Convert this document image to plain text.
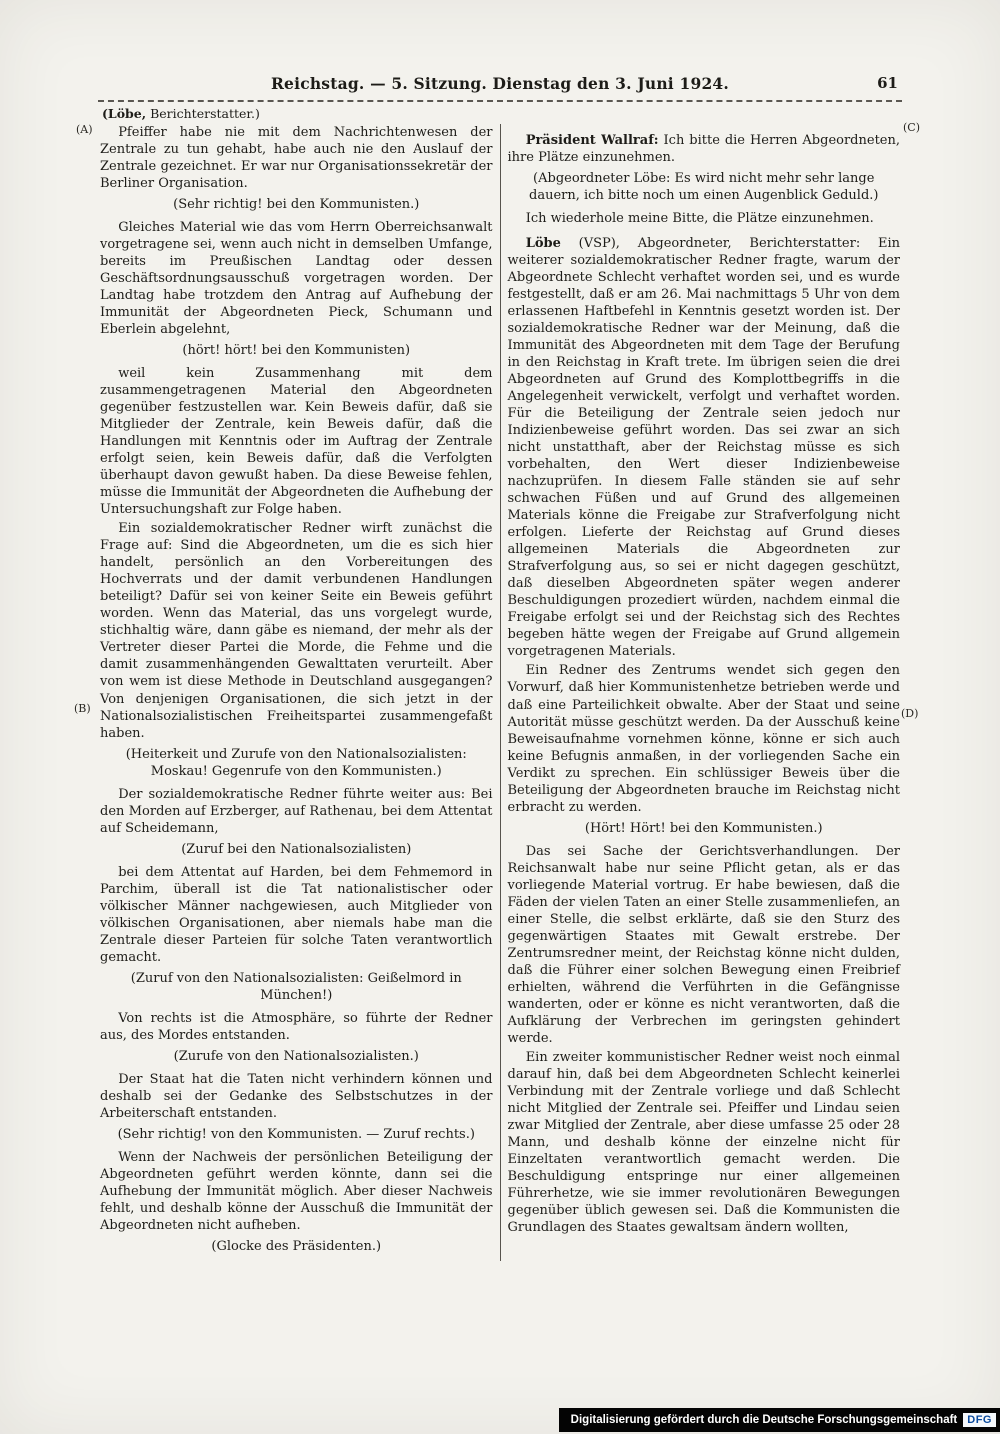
Reichstag. — 5. Sitzung. Dienstag den 3. Juni 1924.	61
(Löbe, Berichterstatter.)

Pfeiffer habe nie mit dem Nachrichtenwesen der Zentrale zu tun gehabt, habe auch nie den Auslauf der Zentrale gezeichnet. Er war nur Organisationssekretär der Berliner Organisation.

(Sehr richtig! bei den Kommunisten.)

Gleiches Material wie das vom Herrn Oberreichsanwalt vorgetragene sei, wenn auch nicht in demselben Umfange, bereits im Preußischen Landtag oder dessen Geschäftsordnungsausschuß vorgetragen worden. Der Landtag habe trotzdem den Antrag auf Aufhebung der Immunität der Abgeordneten Pieck, Schumann und Eberlein abgelehnt,

(hört! hört! bei den Kommunisten)

weil kein Zusammenhang mit dem zusammengetragenen Material den Abgeordneten gegenüber festzustellen war. Kein Beweis dafür, daß sie Mitglieder der Zentrale, kein Beweis dafür, daß die Handlungen mit Kenntnis oder im Auftrag der Zentrale erfolgt seien, kein Beweis dafür, daß die Verfolgten überhaupt davon gewußt haben. Da diese Beweise fehlen, müsse die Immunität der Abgeordneten die Aufhebung der Untersuchungshaft zur Folge haben.

Ein sozialdemokratischer Redner wirft zunächst die Frage auf: Sind die Abgeordneten, um die es sich hier handelt, persönlich an den Vorbereitungen des Hochverrats und der damit verbundenen Handlungen beteiligt? Dafür sei von keiner Seite ein Beweis geführt worden. Wenn das Material, das uns vorgelegt wurde, stichhaltig wäre, dann gäbe es niemand, der mehr als der Vertreter dieser Partei die Morde, die Fehme und die damit zusammenhängenden Gewalttaten verurteilt. Aber von wem ist diese Methode in Deutschland ausgegangen? Von denjenigen Organisationen, die sich jetzt in der Nationalsozialistischen Freiheitspartei zusammengefaßt haben.

(Heiterkeit und Zurufe von den Nationalsozialisten: Moskau! Gegenrufe von den Kommunisten.)

Der sozialdemokratische Redner führte weiter aus: Bei den Morden auf Erzberger, auf Rathenau, bei dem Attentat auf Scheidemann,

(Zuruf bei den Nationalsozialisten)

bei dem Attentat auf Harden, bei dem Fehmemord in Parchim, überall ist die Tat nationalistischer oder völkischer Männer nachgewiesen, auch Mitglieder von völkischen Organisationen, aber niemals habe man die Zentrale dieser Parteien für solche Taten verantwortlich gemacht.

(Zuruf von den Nationalsozialisten: Geißelmord in München!)

Von rechts ist die Atmosphäre, so führte der Redner aus, des Mordes entstanden.

(Zurufe von den Nationalsozialisten.)

Der Staat hat die Taten nicht verhindern können und deshalb sei der Gedanke des Selbstschutzes in der Arbeiterschaft entstanden.

(Sehr richtig! von den Kommunisten. — Zuruf rechts.)

Wenn der Nachweis der persönlichen Beteiligung der Abgeordneten geführt werden könnte, dann sei die Aufhebung der Immunität möglich. Aber dieser Nachweis fehlt, und deshalb könne der Ausschuß die Immunität der Abgeordneten nicht aufheben.

(Glocke des Präsidenten.)

Präsident Wallraf: Ich bitte die Herren Abgeordneten, ihre Plätze einzunehmen.

(Abgeordneter Löbe: Es wird nicht mehr sehr lange dauern, ich bitte noch um einen Augenblick Geduld.)

Ich wiederhole meine Bitte, die Plätze einzunehmen.

Löbe (VSP), Abgeordneter, Berichterstatter: Ein weiterer sozialdemokratischer Redner fragte, warum der Abgeordnete Schlecht verhaftet worden sei, und es wurde festgestellt, daß er am 26. Mai nachmittags 5 Uhr von dem erlassenen Haftbefehl in Kenntnis gesetzt worden ist. Der sozialdemokratische Redner war der Meinung, daß die Immunität des Abgeordneten mit dem Tage der Berufung in den Reichstag in Kraft trete. Im übrigen seien die drei Abgeordneten auf Grund des Komplottbegriffs in die Angelegenheit verwickelt, verfolgt und verhaftet worden. Für die Beteiligung der Zentrale seien jedoch nur Indizienbeweise geführt worden. Das sei zwar an sich nicht unstatthaft, aber der Reichstag müsse es sich vorbehalten, den Wert dieser Indizienbeweise nachzuprüfen. In diesem Falle ständen sie auf sehr schwachen Füßen und auf Grund des allgemeinen Materials könne die Freigabe zur Strafverfolgung nicht erfolgen. Lieferte der Reichstag auf Grund dieses allgemeinen Materials die Abgeordneten zur Strafverfolgung aus, so sei er nicht dagegen geschützt, daß dieselben Abgeordneten später wegen anderer Beschuldigungen prozediert würden, nachdem einmal die Freigabe erfolgt sei und der Reichstag sich des Rechtes begeben hätte wegen der Freigabe auf Grund allgemein vorgetragenen Materials.

Ein Redner des Zentrums wendet sich gegen den Vorwurf, daß hier Kommunistenhetze betrieben werde und daß eine Parteilichkeit obwalte. Aber der Staat und seine Autorität müsse geschützt werden. Da der Ausschuß keine Beweisaufnahme vornehmen könne, könne er sich auch keine Befugnis anmaßen, in der vorliegenden Sache ein Verdikt zu sprechen. Ein schlüssiger Beweis über die Beteiligung der Abgeordneten brauche im Reichstag nicht erbracht zu werden.

(Hört! Hört! bei den Kommunisten.)

Das sei Sache der Gerichtsverhandlungen. Der Reichsanwalt habe nur seine Pflicht getan, als er das vorliegende Material vortrug. Er habe bewiesen, daß die Fäden der vielen Taten an einer Stelle zusammenliefen, an einer Stelle, die selbst erklärte, daß sie den Sturz des gegenwärtigen Staates mit Gewalt erstrebe. Der Zentrumsredner meint, der Reichstag könne nicht dulden, daß die Führer einer solchen Bewegung einen Freibrief erhielten, während die Verführten in die Gefängnisse wanderten, oder er könne es nicht verantworten, daß die Aufklärung der Verbrechen im geringsten gehindert werde.

Ein zweiter kommunistischer Redner weist noch einmal darauf hin, daß bei dem Abgeordneten Schlecht keinerlei Verbindung mit der Zentrale vorliege und daß Schlecht nicht Mitglied der Zentrale sei. Pfeiffer und Lindau seien zwar Mitglied der Zentrale, aber diese umfasse 25 oder 28 Mann, und deshalb könne der einzelne nicht für Einzeltaten verantwortlich gemacht werden. Die Beschuldigung entspringe nur einer allgemeinen Führerhetze, wie sie immer revolutionären Bewegungen gegenüber üblich gewesen sei. Daß die Kommunisten die Grundlagen des Staates gewaltsam ändern wollten,

(A)
(B)
(C)
(D)
Digitalisierung gefördert durch die Deutsche Forschungsgemeinschaft DFG
